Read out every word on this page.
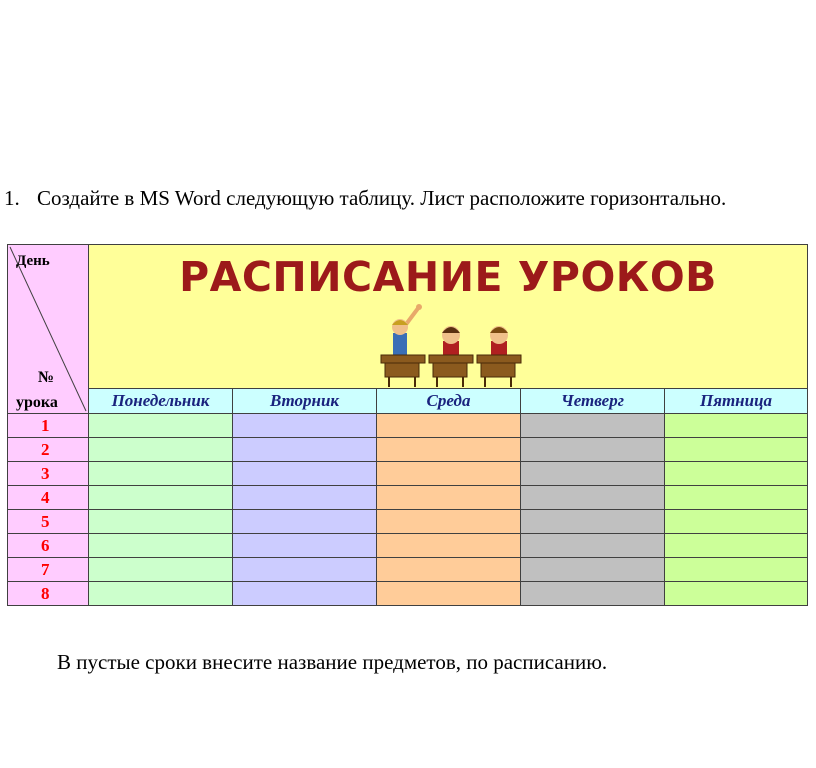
1. Создайте в MS Word следующую таблицу. Лист расположите горизонтально.
День
№
урока	РАСПИСАНИЕ УРОКОВ				

	Понедельник	Вторник	Среда	Четверг	Пятница
1					
2					
3					
4					
5					
6					
7					
8					
В пустые сроки внесите название предметов, по расписанию.
